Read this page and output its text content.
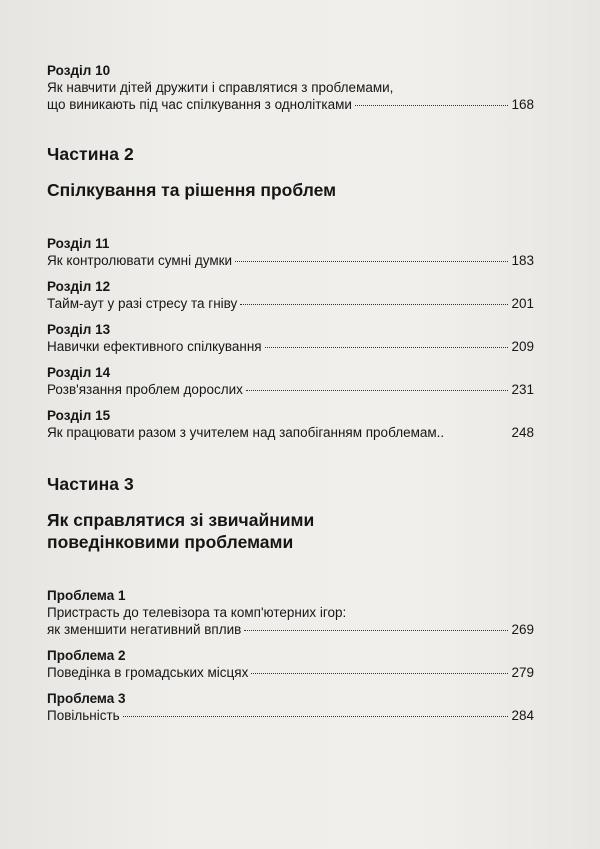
Розділ 10
Як навчити дітей дружити і справлятися з проблемами,
що виникають під час спілкування з однолітками	168
Частина 2
Спілкування та рішення проблем
Розділ 11
Як контролювати сумні думки	183
Розділ 12
Тайм-аут у разі стресу та гніву	201
Розділ 13
Навички ефективного спілкування	209
Розділ 14
Розв'язання проблем дорослих	231
Розділ 15
Як працювати разом з учителем над запобіганням проблемам..	248
Частина 3
Як справлятися зі звичайними
поведінковими проблемами
Проблема 1
Пристрасть до телевізора та комп'ютерних ігор:
як зменшити негативний вплив	269
Проблема 2
Поведінка в громадських місцях	279
Проблема 3
Повільність	284
